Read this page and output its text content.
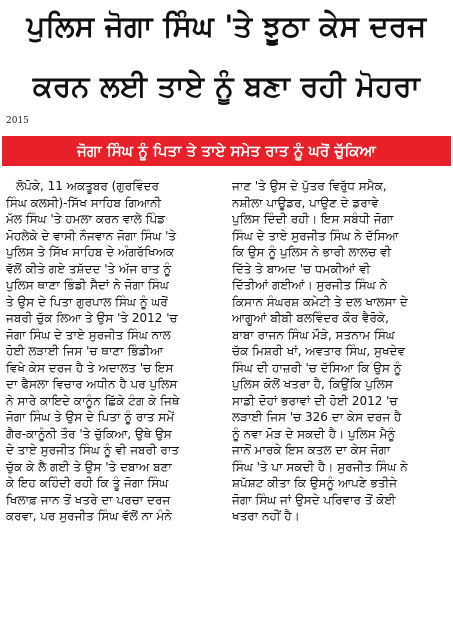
ਪੁਲਿਸ ਜੋਗਾ ਸਿੰਘ 'ਤੇ ਝੂਠਾ ਕੇਸ ਦਰਜ
ਕਰਨ ਲਈ ਤਾਏ ਨੂੰ ਬਣਾ ਰਹੀ ਮੋਹਰਾ
2015
ਜੋਗਾ ਸਿੰਘ ਨੂੰ ਪਿਤਾ ਤੇ ਤਾਏ ਸਮੇਤ ਰਾਤ ਨੂੰ ਘਰੋਂ ਚੁੱਕਿਆ
ਲੋਪੋਕੇ, 11 ਅਕਤੂਬਰ (ਗੁਰਵਿੰਦਰ
ਸਿੰਘ ਕਲਸੀ)-ਸਿੱਖ ਸਾਹਿਬ ਗਿਆਨੀ
ਮੱਲ ਸਿੰਘ 'ਤੇ ਹਮਲਾ ਕਰਨ ਵਾਲੇ ਪਿੰਡ
ਮੋਹਲੇਕੇ ਦੇ ਵਾਸੀ ਨੌਜਵਾਨ ਜੋਗਾ ਸਿੰਘ 'ਤੇ
ਪੁਲਿਸ ਤੇ ਸਿੱਖ ਸਾਹਿਬ ਦੇ ਅੰਗਰੱਖਿਅਕ
ਵੱਲੋਂ ਕੀਤੇ ਗਏ ਤਸ਼ੱਦਦ 'ਤੇ ਅੱਜ ਰਾਤ ਨੂੰ
ਪੁਲਿਸ ਥਾਣਾ ਭਿੰਡੀ ਸੈਦਾਂ ਨੇ ਜੋਗਾ ਸਿੰਘ
ਤੇ ਉਸ ਦੇ ਪਿਤਾ ਗੁਰਪਾਲ ਸਿੰਘ ਨੂੰ ਘਰੋਂ
ਜਬਰੀ ਚੁੱਕ ਲਿਆ ਤੇ ਉਸ 'ਤੇ 2012 'ਚ
ਜੋਗਾ ਸਿੰਘ ਦੇ ਤਾਏ ਸੁਰਜੀਤ ਸਿੰਘ ਨਾਲ
ਹੋਈ ਲੜਾਈ ਜਿਸ 'ਚ ਥਾਣਾ ਭਿੰਡੀਆ
ਵਿਖੇ ਕੇਸ ਦਰਜ ਹੈ ਤੇ ਅਦਾਲਤ 'ਚ ਇਸ
ਦਾ ਫੈਸਲਾ ਵਿਚਾਰ ਅਧੀਨ ਹੈ ਪਰ ਪੁਲਿਸ
ਨੇ ਸਾਰੇ ਕਾਇਦੇ ਕਾਨੂੰਨ ਛਿੱਕੇ ਟੰਗ ਕੇ ਜਿਥੇ
ਜੋਗਾ ਸਿੰਘ ਤੇ ਉਸ ਦੇ ਪਿਤਾ ਨੂੰ ਰਾਤ ਸਮੇਂ
ਗੈਰ-ਕਾਨੂੰਨੀ ਤੌਰ 'ਤੇ ਚੁੱਕਿਆ, ਉਥੇ ਉਸ
ਦੇ ਤਾਏ ਸੁਰਜੀਤ ਸਿੰਘ ਨੂੰ ਵੀ ਜਬਰੀ ਰਾਤ
ਚੁੱਕ ਕੇ ਲੈ ਗਈ ਤੇ ਉਸ 'ਤੇ ਦਬਾਅ ਬਣਾ
ਕੇ ਇਹ ਕਹਿੰਦੀ ਰਹੀ ਕਿ ਤੂੰ ਜੋਗਾ ਸਿੰਘ
ਖਿਲਾਫ਼ ਜਾਨ ਤੋਂ ਖਤਰੇ ਦਾ ਪਰਚਾ ਦਰਜ
ਕਰਵਾ, ਪਰ ਸੁਰਜੀਤ ਸਿੰਘ ਵੱਲੋਂ ਨਾ ਮੰਨੇ
ਜਾਣ 'ਤੇ ਉਸ ਦੇ ਪੁੱਤਰ ਵਿਰੁੱਧ ਸਮੈਕ,
ਨਸ਼ੀਲਾ ਪਾਊਡਰ, ਪਾਉਣ ਦੇ ਡਰਾਵੇ
ਪੁਲਿਸ ਦਿੰਦੀ ਰਹੀ। ਇਸ ਸਬੰਧੀ ਜੋਗਾ
ਸਿੰਘ ਦੇ ਤਾਏ ਸੁਰਜੀਤ ਸਿੰਘ ਨੇ ਦੱਸਿਆ
ਕਿ ਉਸ ਨੂੰ ਪੁਲਿਸ ਨੇ ਭਾਰੀ ਲਾਲਚ ਵੀ
ਦਿੱਤੇ ਤੇ ਬਾਅਦ 'ਚ ਧਮਕੀਆਂ ਵੀ
ਦਿੱਤੀਆਂ ਗਈਆਂ। ਸੁਰਜੀਤ ਸਿੰਘ ਨੇ
ਕਿਸਾਨ ਸੰਘਰਸ਼ ਕਮੇਟੀ ਤੇ ਦਲ ਖਾਲਸਾ ਦੇ
ਆਗੂਆਂ ਬੀਬੀ ਬਲਵਿੰਦਰ ਕੌਰ ਵੈਰੋਕੇ,
ਬਾਬਾ ਰਾਜਨ ਸਿੰਘ ਮੌੜੇ, ਸਤਨਾਮ ਸਿੰਘ
ਚੱਕ ਮਿਸ਼ਰੀ ਖਾਂ, ਅਵਤਾਰ ਸਿੰਘ, ਸੁਖਦੇਵ
ਸਿੰਘ ਦੀ ਹਾਜ਼ਰੀ 'ਚ ਦੱਸਿਆ ਕਿ ਉਸ ਨੂੰ
ਪੁਲਿਸ ਕੋਲੋਂ ਖਤਰਾ ਹੈ, ਕਿਉਂਕਿ ਪੁਲਿਸ
ਸਾਡੀ ਦੋਹਾਂ ਭਰਾਵਾਂ ਦੀ ਹੋਈ 2012 'ਚ
ਲੜਾਈ ਜਿਸ 'ਚ 326 ਦਾ ਕੇਸ ਦਰਜ ਹੈ
ਨੂੰ ਨਵਾ ਮੋੜ ਦੇ ਸਕਦੀ ਹੈ। ਪੁਲਿਸ ਮੈਨੂੰ
ਜਾਨੋਂ ਮਾਰਕੇ ਇਸ ਕਤਲ ਦਾ ਕੇਸ ਜੋਗਾ
ਸਿੰਘ 'ਤੇ ਪਾ ਸਕਦੀ ਹੈ। ਸੁਰਜੀਤ ਸਿੰਘ ਨੇ
ਸ਼ਪੱਸ਼ਟ ਕੀਤਾ ਕਿ ਉਸਨੂੰ ਆਪਣੇ ਭਤੀਜੇ
ਜੋਗਾ ਸਿੰਘ ਜਾਂ ਉਸਦੇ ਪਰਿਵਾਰ ਤੋਂ ਕੋਈ
ਖਤਰਾ ਨਹੀਂ ਹੈ।
